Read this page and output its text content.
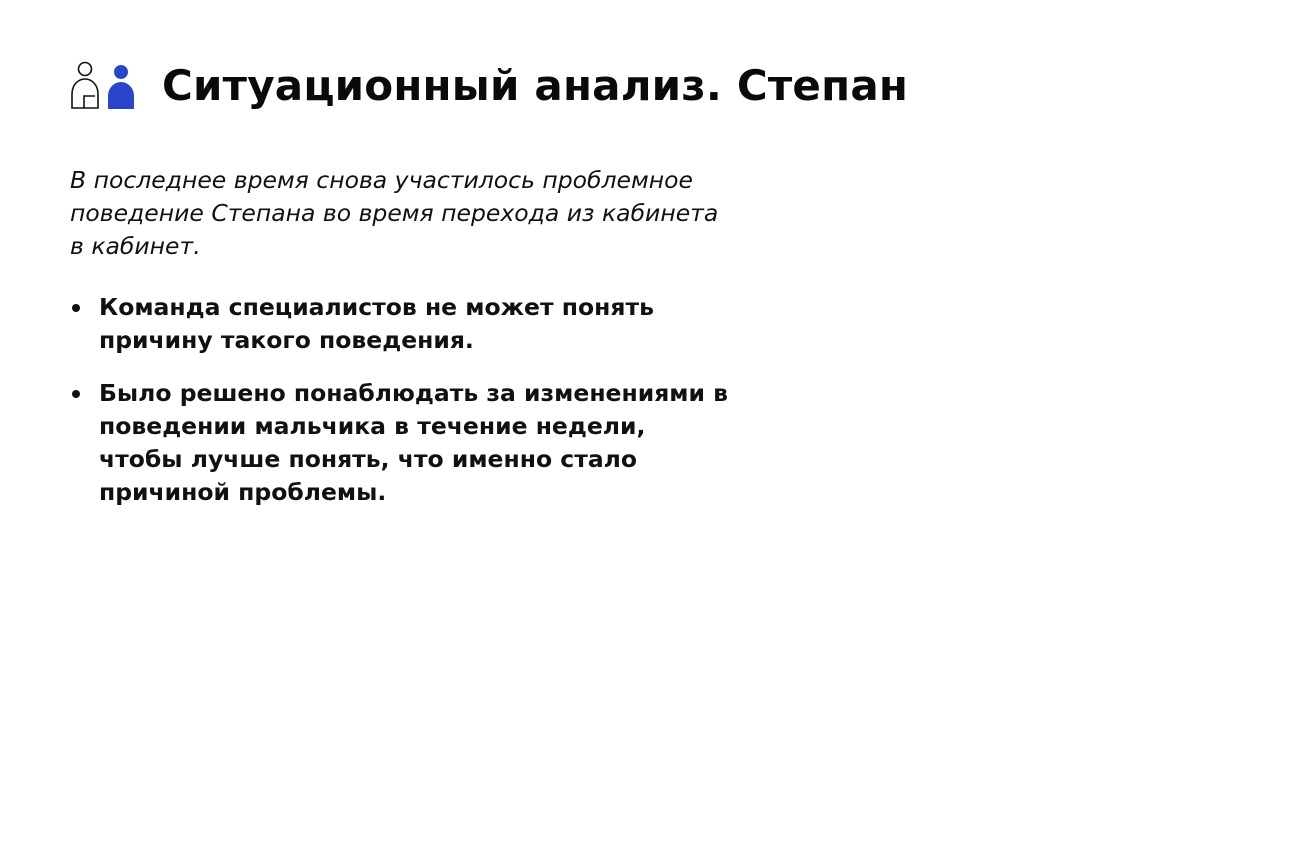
Ситуационный анализ. Степан

В последнее время снова участилось проблемное поведение Степана во время перехода из кабинета в кабинет.

Команда специалистов не может понять причину такого поведения.
Было решено понаблюдать за изменениями в поведении мальчика в течение недели, чтобы лучше понять, что именно стало причиной проблемы.
